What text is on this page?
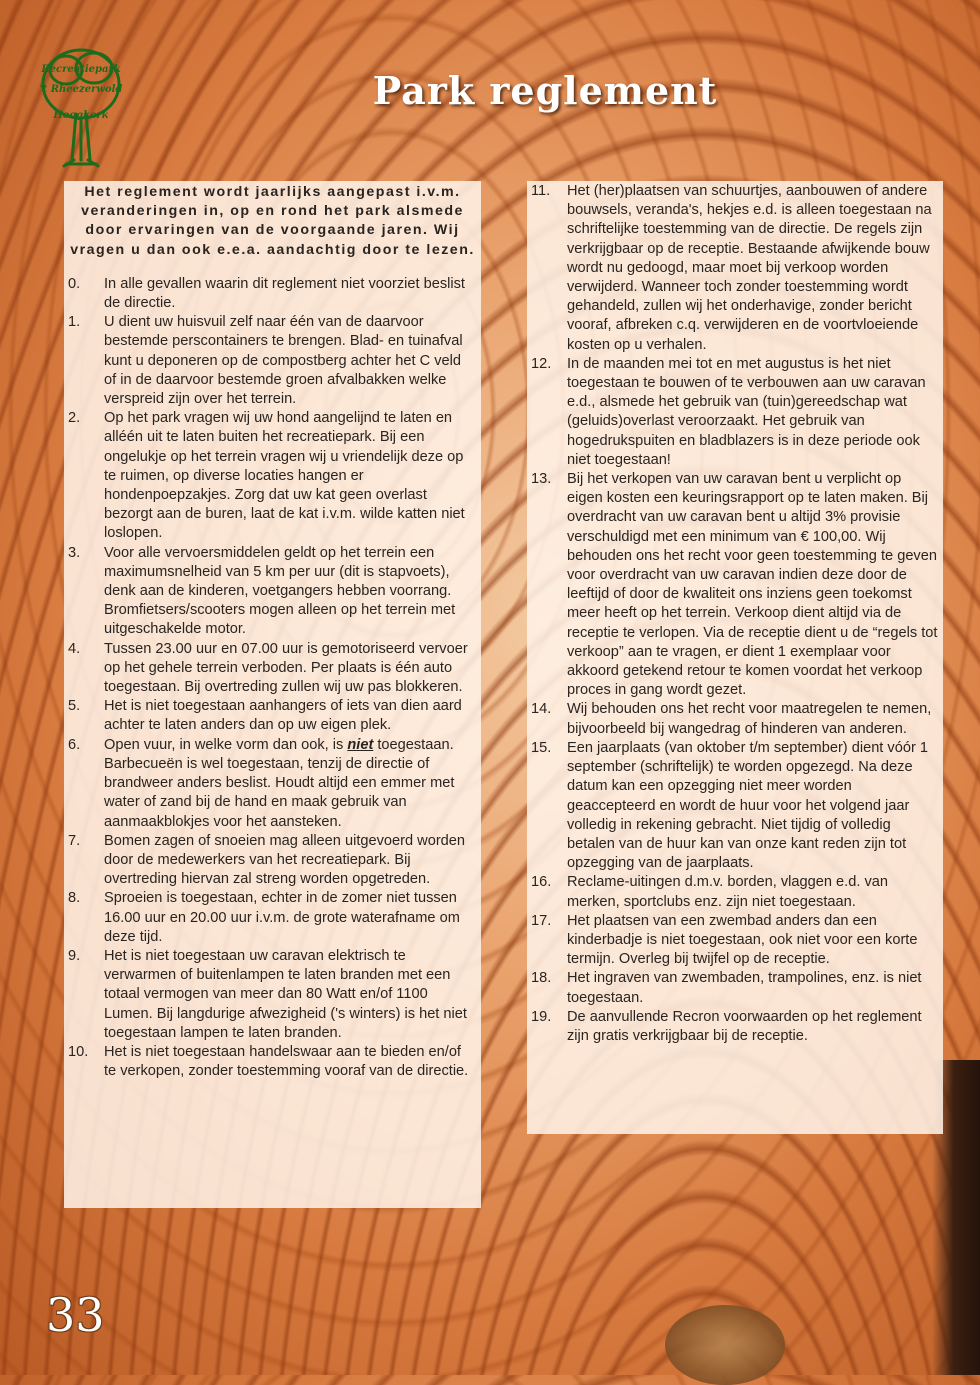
Recreatiepark
't Rheezerwold
Hoogkerk
Park reglement

Het reglement wordt jaarlijks aangepast i.v.m. veranderingen in, op en rond het park alsmede door ervaringen van de voorgaande jaren. Wij vragen u dan ook e.e.a. aandachtig door te lezen.

0.	In alle gevallen waarin dit reglement niet voorziet beslist de directie.
1.	U dient uw huisvuil zelf naar één van de daarvoor bestemde perscontainers te brengen. Blad- en tuinafval kunt u deponeren op de compostberg achter het C veld of in de daarvoor bestemde groen afvalbakken welke verspreid zijn over het terrein.
2.	Op het park vragen wij uw hond aangelijnd te laten en alléén uit te laten buiten het recreatiepark. Bij een ongelukje op het terrein vragen wij u vriendelijk deze op te ruimen, op diverse locaties hangen er hondenpoepzakjes. Zorg dat uw kat geen overlast bezorgt aan de buren, laat de kat i.v.m. wilde katten niet loslopen.
3.	Voor alle vervoersmiddelen geldt op het terrein een maximumsnelheid van 5 km per uur (dit is stapvoets), denk aan de kinderen, voetgangers hebben voorrang. Bromfietsers/scooters mogen alleen op het terrein met uitgeschakelde motor.
4.	Tussen 23.00 uur en 07.00 uur is gemotoriseerd vervoer op het gehele terrein verboden. Per plaats is één auto toegestaan. Bij overtreding zullen wij uw pas blokkeren.
5.	Het is niet toegestaan aanhangers of iets van dien aard achter te laten anders dan op uw eigen plek.
6.	Open vuur, in welke vorm dan ook, is niet toegestaan. Barbecueën is wel toegestaan, tenzij de directie of brandweer anders beslist. Houdt altijd een emmer met water of zand bij de hand en maak gebruik van aanmaakblokjes voor het aansteken.
7.	Bomen zagen of snoeien mag alleen uitgevoerd worden door de medewerkers van het recreatiepark. Bij overtreding hiervan zal streng worden opgetreden.
8.	Sproeien is toegestaan, echter in de zomer niet tussen 16.00 uur en 20.00 uur i.v.m. de grote waterafname om deze tijd.
9.	Het is niet toegestaan uw caravan elektrisch te verwarmen of buitenlampen te laten branden met een totaal vermogen van meer dan 80 Watt en/of 1100 Lumen. Bij langdurige afwezigheid ('s winters) is het niet toegestaan lampen te laten branden.
10.	Het is niet toegestaan handelswaar aan te bieden en/of te verkopen, zonder toestemming vooraf van de directie.
11.	Het (her)plaatsen van schuurtjes, aanbouwen of andere bouwsels, veranda's, hekjes e.d. is alleen toegestaan na schriftelijke toestemming van de directie. De regels zijn verkrijgbaar op de receptie. Bestaande afwijkende bouw wordt nu gedoogd, maar moet bij verkoop worden verwijderd. Wanneer toch zonder toestemming wordt gehandeld, zullen wij het onderhavige, zonder bericht vooraf, afbreken c.q. verwijderen en de voortvloeiende kosten op u verhalen.
12.	In de maanden mei tot en met augustus is het niet toegestaan te bouwen of te verbouwen aan uw caravan e.d., alsmede het gebruik van (tuin)gereedschap wat (geluids)overlast veroorzaakt. Het gebruik van hogedrukspuiten en bladblazers is in deze periode ook niet toegestaan!
13.	Bij het verkopen van uw caravan bent u verplicht op eigen kosten een keuringsrapport op te laten maken. Bij overdracht van uw caravan bent u altijd 3% provisie verschuldigd met een minimum van € 100,00. Wij behouden ons het recht voor geen toestemming te geven voor overdracht van uw caravan indien deze door de leeftijd of door de kwaliteit ons inziens geen toekomst meer heeft op het terrein. Verkoop dient altijd via de receptie te verlopen. Via de receptie dient u de “regels tot verkoop” aan te vragen, er dient 1 exemplaar voor akkoord getekend retour te komen voordat het verkoop proces in gang wordt gezet.
14.	Wij behouden ons het recht voor maatregelen te nemen, bijvoorbeeld bij wangedrag of hinderen van anderen.
15.	Een jaarplaats (van oktober t/m september) dient vóór 1 september (schriftelijk) te worden opgezegd. Na deze datum kan een opzegging niet meer worden geaccepteerd en wordt de huur voor het volgend jaar volledig in rekening gebracht. Niet tijdig of volledig betalen van de huur kan van onze kant reden zijn tot opzegging van de jaarplaats.
16.	Reclame-uitingen d.m.v. borden, vlaggen e.d. van merken, sportclubs enz. zijn niet toegestaan.
17.	Het plaatsen van een zwembad anders dan een kinderbadje is niet toegestaan, ook niet voor een korte termijn. Overleg bij twijfel op de receptie.
18.	Het ingraven van zwembaden, trampolines, enz. is niet toegestaan.
19.	De aanvullende Recron voorwaarden op het reglement zijn gratis verkrijgbaar bij de receptie.
33
